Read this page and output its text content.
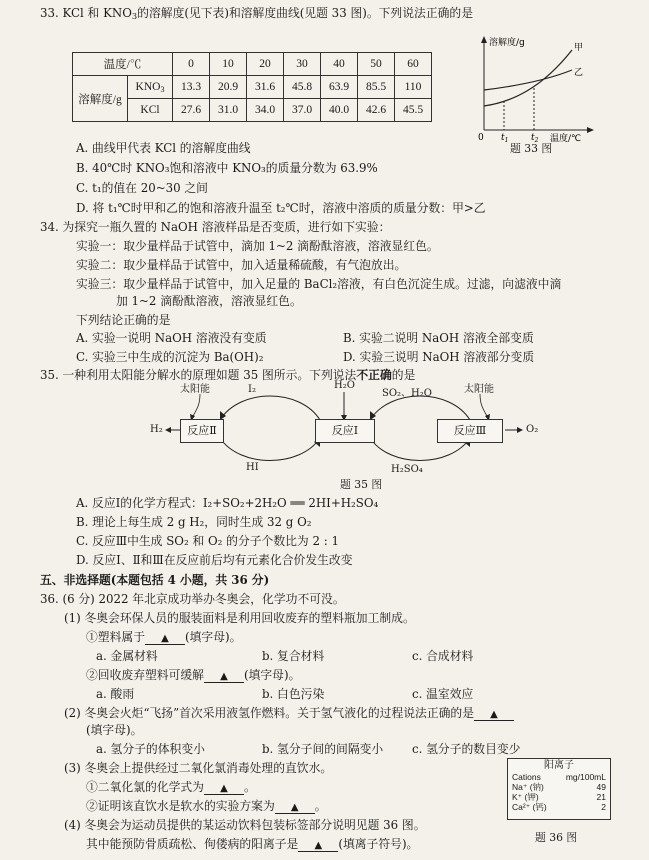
33. KCl 和 $KNO_3$的溶解度(见下表)和溶解度曲线(见题 33 图)。下列说法正确的是
温度/℃		0	10	20	30	40	50	60
溶解度/g	$KNO_3$	13.3	20.9	31.6	45.8	63.9	85.5	110
	KCl	27.6	31.0	34.0	37.0	40.0	42.6	45.5
溶解度/g	甲
乙
0 $t_1$	$t_2$ 温度/℃
题 33 图
A. 曲线甲代表 KCl 的溶解度曲线
B. 40℃时 KNO₃饱和溶液中 KNO₃的质量分数为 63.9%
C. t₁的值在 20~30 之间
D. 将 t₁℃时甲和乙的饱和溶液升温至 t₂℃时，溶液中溶质的质量分数：甲>乙
34. 为探究一瓶久置的 NaOH 溶液样品是否变质，进行如下实验：
实验一：取少量样品于试管中，滴加 1~2 滴酚酞溶液，溶液显红色。
实验二：取少量样品于试管中，加入适量稀硫酸，有气泡放出。
实验三：取少量样品于试管中，加入足量的 BaCl₂溶液，有白色沉淀生成。过滤，向滤液中滴
加 1~2 滴酚酞溶液，溶液显红色。
下列结论正确的是
A. 实验一说明 NaOH 溶液没有变质	B. 实验二说明 NaOH 溶液全部变质
C. 实验三中生成的沉淀为 Ba(OH)₂	D. 实验三说明 NaOH 溶液部分变质
35. 一种利用太阳能分解水的原理如题 35 图所示。下列说法不正确的是
反应Ⅱ	反应Ⅰ	反应Ⅲ
太阳能	太阳能
I₂	H₂O
SO₂、H₂O
H₂	O₂
HI	H₂SO₄
题 35 图
A. 反应Ⅰ的化学方程式：I₂+SO₂+2H₂O ══ 2HI+H₂SO₄
B. 理论上每生成 2 g H₂，同时生成 32 g O₂
C. 反应Ⅲ中生成 SO₂ 和 O₂ 的分子个数比为 2 : 1
D. 反应Ⅰ、Ⅱ和Ⅲ在反应前后均有元素化合价发生改变
五、非选择题(本题包括 4 小题，共 36 分)
36. (6 分) 2022 年北京成功举办冬奥会，化学功不可没。
(1) 冬奥会环保人员的服装面料是利用回收废弃的塑料瓶加工制成。
①塑料属于 ▲ (填字母)。
a. 金属材料	b. 复合材料	c. 合成材料
②回收废弃塑料可缓解 ▲ (填字母)。
a. 酸雨	b. 白色污染	c. 温室效应
(2) 冬奥会火炬“飞扬”首次采用液氢作燃料。关于氢气液化的过程说法正确的是 ▲
(填字母)。
a. 氢分子的体积变小	b. 氢分子间的间隔变小 c. 氢分子的数目变少
(3) 冬奥会上提供经过二氧化氯消毒处理的直饮水。
①二氧化氯的化学式为 ▲ 。
②证明该直饮水是软水的实验方案为 ▲ 。
(4) 冬奥会为运动员提供的某运动饮料包装标签部分说明见题 36 图。
其中能预防骨质疏松、佝偻病的阳离子是 ▲ (填离子符号)。
阳离子
Cations	mg/100mL
Na⁺ (钠)	49
K⁺ (钾)	21
Ca²⁺ (钙)	2
题 36 图
